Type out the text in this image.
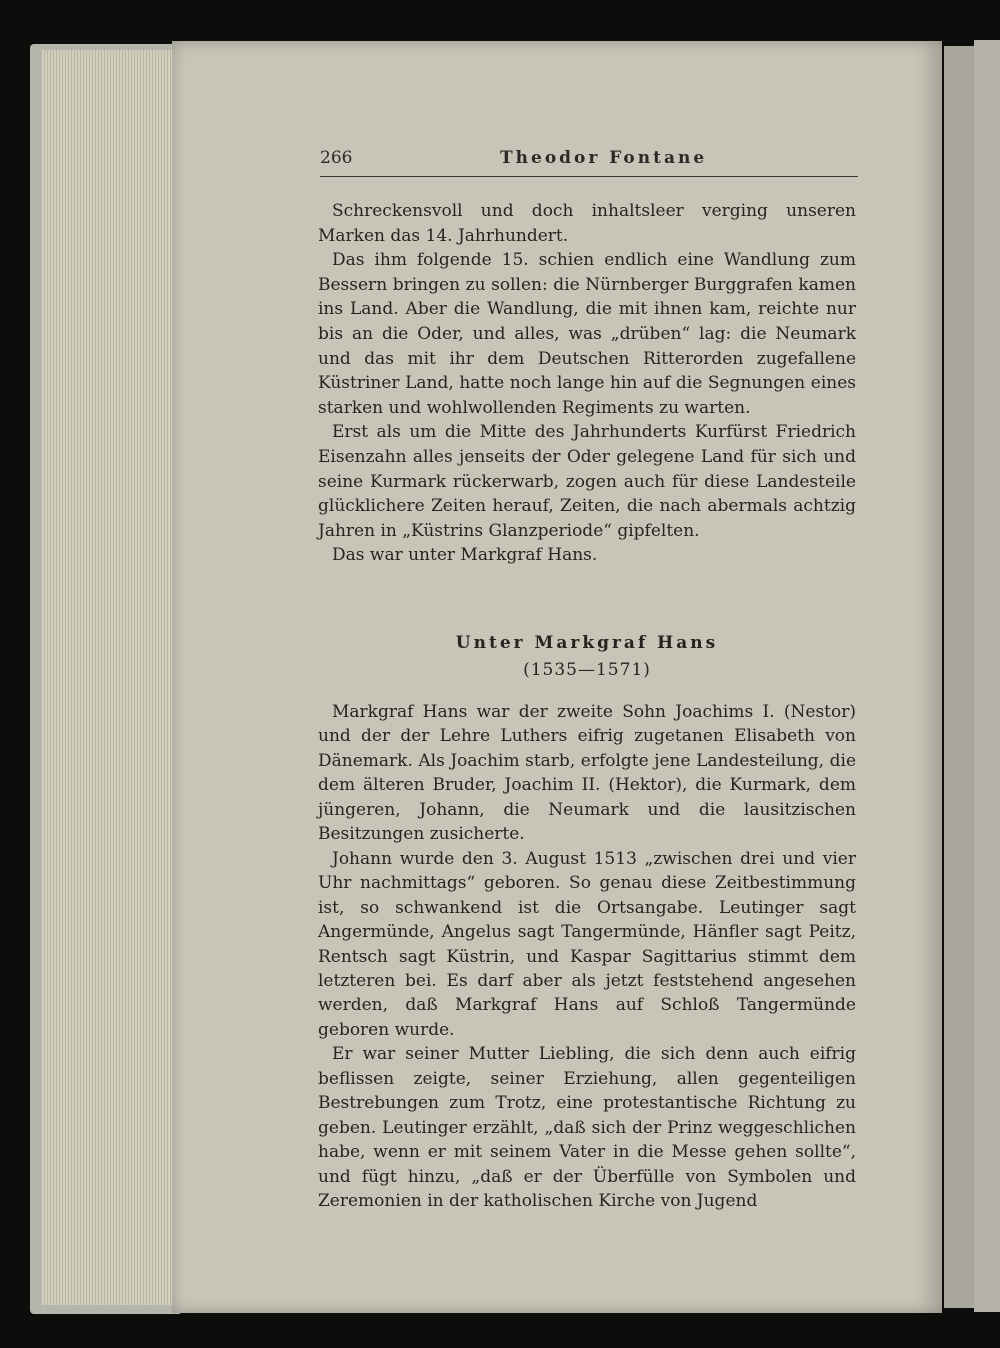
266	Theodor Fontane

Schreckensvoll und doch inhaltsleer verging unseren Marken das 14. Jahrhundert.

Das ihm folgende 15. schien endlich eine Wandlung zum Bessern bringen zu sollen: die Nürnberger Burggrafen kamen ins Land. Aber die Wandlung, die mit ihnen kam, reichte nur bis an die Oder, und alles, was „drüben“ lag: die Neumark und das mit ihr dem Deutschen Ritterorden zugefallene Küstriner Land, hatte noch lange hin auf die Segnungen eines starken und wohlwollenden Regiments zu warten.

Erst als um die Mitte des Jahrhunderts Kurfürst Friedrich Eisenzahn alles jenseits der Oder gelegene Land für sich und seine Kurmark rückerwarb, zogen auch für diese Landesteile glücklichere Zeiten herauf, Zeiten, die nach abermals achtzig Jahren in „Küstrins Glanzperiode“ gipfelten.

Das war unter Markgraf Hans.

Unter Markgraf Hans
(1535—1571)

Markgraf Hans war der zweite Sohn Joachims I. (Nestor) und der der Lehre Luthers eifrig zugetanen Elisabeth von Dänemark. Als Joachim starb, erfolgte jene Landesteilung, die dem älteren Bruder, Joachim II. (Hektor), die Kurmark, dem jüngeren, Johann, die Neumark und die lausitzischen Besitzungen zusicherte.

Johann wurde den 3. August 1513 „zwischen drei und vier Uhr nachmittags“ geboren. So genau diese Zeitbestimmung ist, so schwankend ist die Ortsangabe. Leutinger sagt Angermünde, Angelus sagt Tangermünde, Hänfler sagt Peitz, Rentsch sagt Küstrin, und Kaspar Sagittarius stimmt dem letzteren bei. Es darf aber als jetzt feststehend angesehen werden, daß Markgraf Hans auf Schloß Tangermünde geboren wurde.

Er war seiner Mutter Liebling, die sich denn auch eifrig beflissen zeigte, seiner Erziehung, allen gegenteiligen Bestrebungen zum Trotz, eine protestantische Richtung zu geben. Leutinger erzählt, „daß sich der Prinz weggeschlichen habe, wenn er mit seinem Vater in die Messe gehen sollte“, und fügt hinzu, „daß er der Überfülle von Symbolen und Zeremonien in der katholischen Kirche von Jugend
